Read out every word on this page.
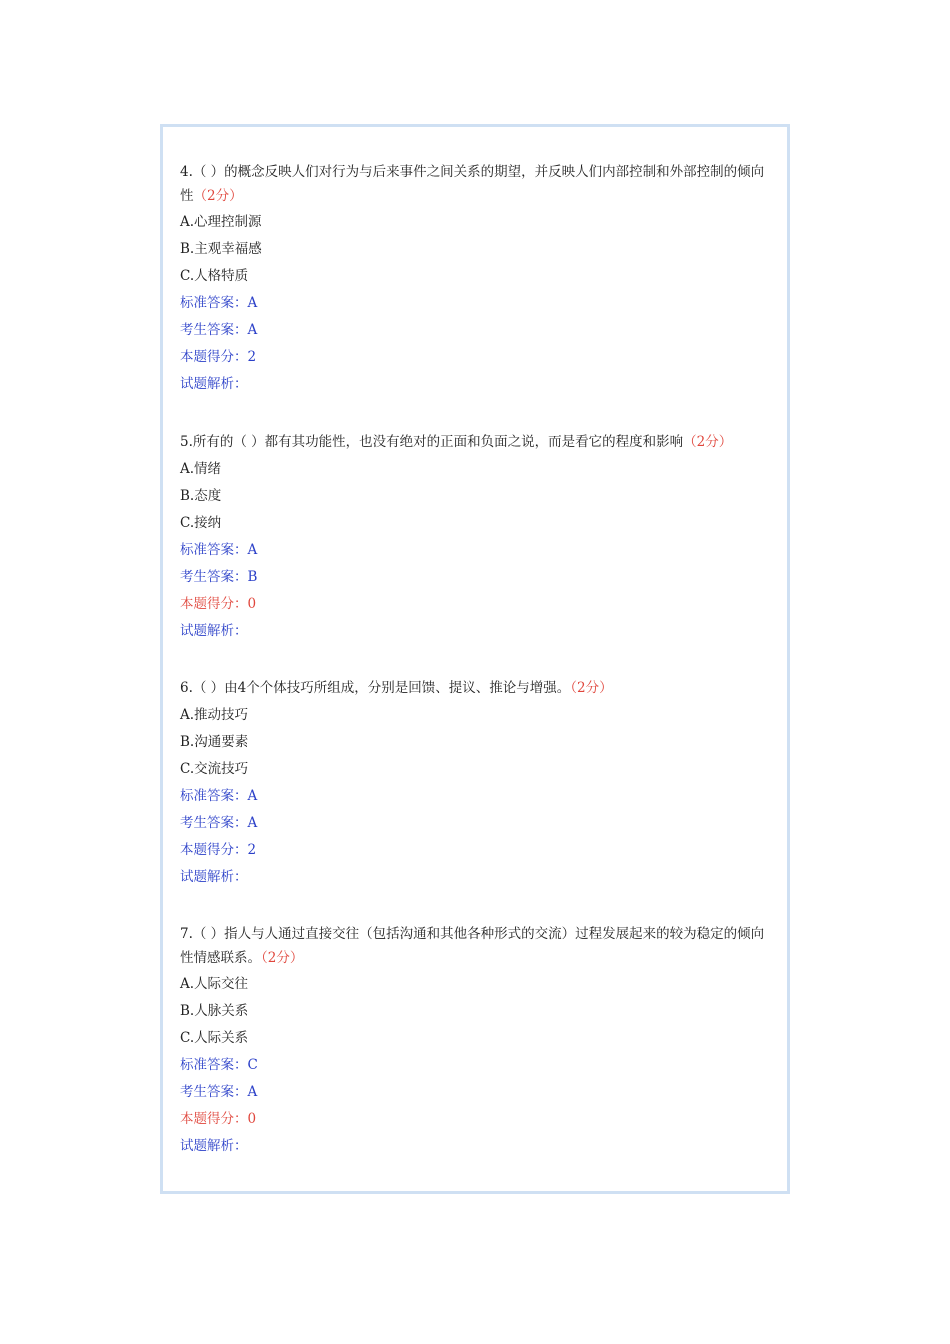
4.（ ）的概念反映人们对行为与后来事件之间关系的期望，并反映人们内部控制和外部控制的倾向性（2分）
A.心理控制源
B.主观幸福感
C.人格特质
标准答案：A
考生答案：A
本题得分：2
试题解析：
5.所有的（ ）都有其功能性，也没有绝对的正面和负面之说，而是看它的程度和影响（2分）
A.情绪
B.态度
C.接纳
标准答案：A
考生答案：B
本题得分：0
试题解析：
6.（ ）由4个个体技巧所组成，分别是回馈、提议、推论与增强。（2分）
A.推动技巧
B.沟通要素
C.交流技巧
标准答案：A
考生答案：A
本题得分：2
试题解析：
7.（ ）指人与人通过直接交往（包括沟通和其他各种形式的交流）过程发展起来的较为稳定的倾向性情感联系。（2分）
A.人际交往
B.人脉关系
C.人际关系
标准答案：C
考生答案：A
本题得分：0
试题解析：
